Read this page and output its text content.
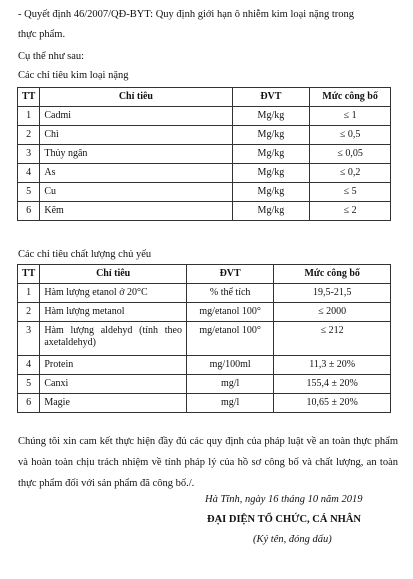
- Quyết định 46/2007/QĐ-BYT: Quy định giới hạn ô nhiễm kim loại nặng trong
thực phẩm.
Cụ thể như sau:
Các chỉ tiêu kim loại nặng
TT	Chỉ tiêu	ĐVT	Mức công bố
1	Cadmi	Mg/kg	≤ 1
2	Chì	Mg/kg	≤ 0,5
3	Thủy ngân	Mg/kg	≤ 0,05
4	As	Mg/kg	≤ 0,2
5	Cu	Mg/kg	≤ 5
6	Kẽm	Mg/kg	≤ 2
Các chỉ tiêu chất lượng chủ yếu
TT	Chỉ tiêu	ĐVT	Mức công bố
1	Hàm lượng etanol ở 20°C	% thể tích	19,5-21,5
2	Hàm lượng metanol	mg/etanol 100°	≤ 2000
3	Hàm lượng aldehyd (tính theo axetaldehyd)	mg/etanol 100°	≤ 212
4	Protein	mg/100ml	11,3 ± 20%
5	Canxi	mg/l	155,4 ± 20%
6	Magie	mg/l	10,65 ± 20%
Chúng tôi xin cam kết thực hiện đầy đủ các quy định của pháp luật về an toàn thực phẩm và hoàn toàn chịu trách nhiệm về tính pháp lý của hồ sơ công bố và chất lượng, an toàn thực phẩm đối với sản phẩm đã công bố./.
Hà Tĩnh, ngày 16 tháng 10 năm 2019
ĐẠI DIỆN TỔ CHỨC, CÁ NHÂN
(Ký tên, đóng dấu)
